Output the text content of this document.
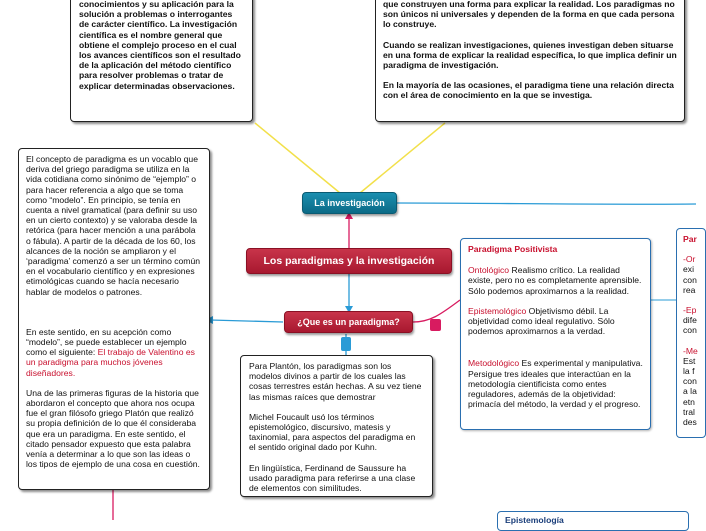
conocimientos y su aplicación para la solución a problemas o interrogantes de carácter científico. La investigación científica es el nombre general que obtiene el complejo proceso en el cual los avances científicos son el resultado de la aplicación del método científico para resolver problemas o tratar de explicar determinadas observaciones.
que construyen una forma para explicar la realidad. Los paradigmas no son únicos ni universales y dependen de la forma en que cada persona lo construye.
Cuando se realizan investigaciones, quienes investigan deben situarse en una forma de explicar la realidad específica, lo que implica definir un paradigma de investigación.
En la mayoría de las ocasiones, el paradigma tiene una relación directa con el área de conocimiento en la que se investiga.
El concepto de paradigma es un vocablo que deriva del griego paradigma se utiliza en la vida cotidiana como sinónimo de “ejemplo” o para hacer referencia a algo que se toma como “modelo”. En principio, se tenía en cuenta a nivel gramatical (para definir su uso en un cierto contexto) y se valoraba desde la retórica (para hacer mención a una parábola o fábula). A partir de la década de los 60, los alcances de la noción se ampliaron y el ‘paradigma’ comenzó a ser un término común en el vocabulario científico y en expresiones etimológicas cuando se hacía necesario hablar de modelos o patrones.
En este sentido, en su acepción como “modelo”, se puede establecer un ejemplo como el siguiente: El trabajo de Valentino es un paradigma para muchos jóvenes diseñadores.
Una de las primeras figuras de la historia que abordaron el concepto que ahora nos ocupa fue el gran filósofo griego Platón que realizó su propia definición de lo que él consideraba que era un paradigma. En este sentido, el citado pensador expuesto que esta palabra venía a determinar a lo que son las ideas o los tipos de ejemplo de una cosa en cuestión.
La investigación
Los paradigmas y la investigación
¿Que es un paradigma?
Para Plantón, los paradigmas son los modelos divinos a partir de los cuales las cosas terrestres están hechas. A su vez tiene las mismas raíces que demostrar
Michel Foucault usó los términos epistemológico, discursivo, matesis y taxinomial, para aspectos del paradigma en el sentido original dado por Kuhn.
En lingüística, Ferdinand de Saussure ha usado paradigma para referirse a una clase de elementos con similitudes.
Paradigma Positivista
Ontológico Realismo crítico. La realidad existe, pero no es completamente aprensible. Sólo podemos aproximarnos a la realidad.
Epistemológico Objetivismo débil. La objetividad como ideal regulativo. Sólo podemos aproximarnos a la verdad.
Metodológico Es experimental y manipulativa. Persigue tres ideales que interactúan en la metodología cientificista como entes reguladores, además de la objetividad: primacía del método, la verdad y el progreso.
Par
-Or
exi
con
rea
-Ep
dife
con
-Me
Est
la f
con
a la
etn
tral
des
Epistemología
